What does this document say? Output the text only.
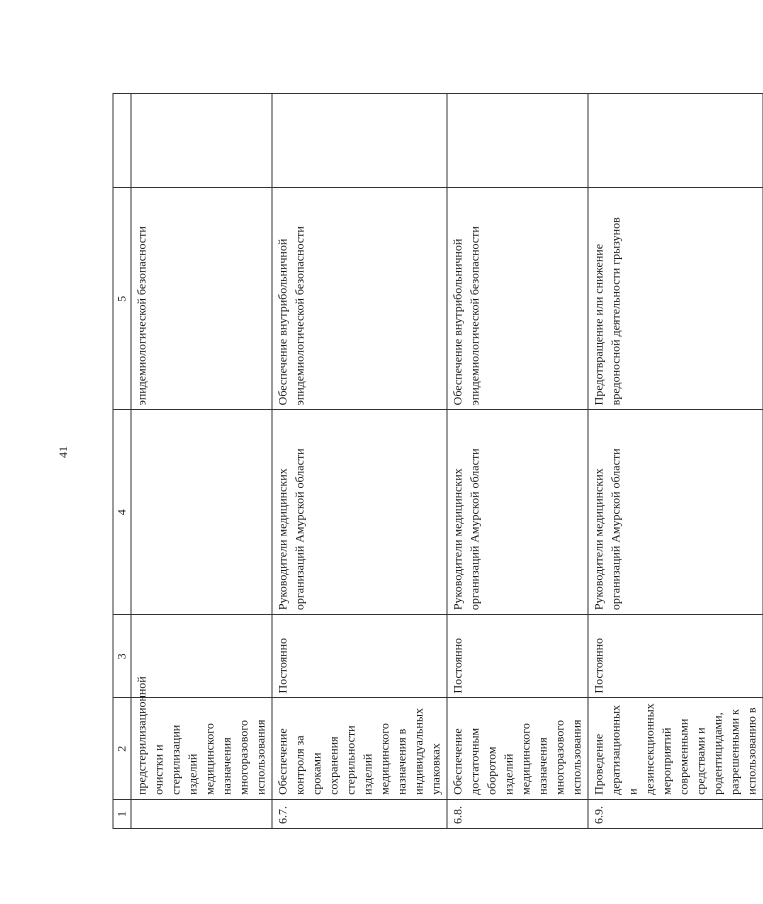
41
1	2	3	4	5	
	предстерилизационной очистки и стерилизации изделий медицинского назначения многоразового использования			эпидемиологической безопасности	
6.7.	Обеспечение контроля за сроками сохранения стерильности изделий медицинского назначения в индивидуальных упаковках	Постоянно	Руководители медицинских организаций Амурской области	Обеспечение внутрибольничной эпидемиологической безопасности	
6.8.	Обеспечение достаточным оборотом изделий медицинского назначения многоразового использования	Постоянно	Руководители медицинских организаций Амурской области	Обеспечение внутрибольничной эпидемиологической безопасности	
6.9.	Проведение дератизационных и дезинсекционных мероприятий современными средствами и родентицидами, разрешенными к использованию в	Постоянно	Руководители медицинских организаций Амурской области	Предотвращение или снижение вредоносной деятельности грызунов	
